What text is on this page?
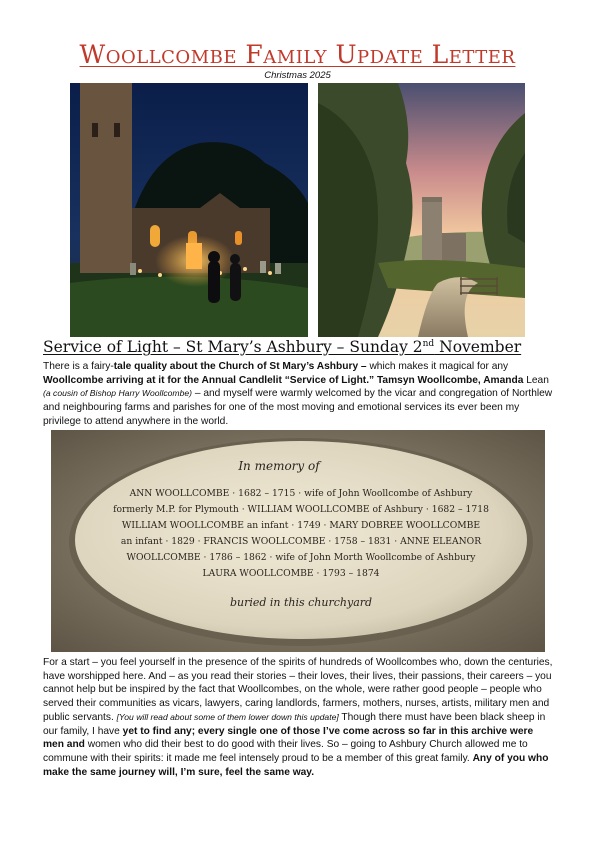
Woollcombe Family Update Letter
Christmas 2025
Service of Light – St Mary’s Ashbury – Sunday 2nd November
There is a fairy-tale quality about the Church of St Mary’s Ashbury – which makes it magical for any Woollcombe arriving at it for the Annual Candlelit “Service of Light.” Tamsyn Woollcombe, Amanda Lean (a cousin of Bishop Harry Woollcombe) – and myself were warmly welcomed by the vicar and congregation of Northlew and neighbouring farms and parishes for one of the most moving and emotional services its ever been my privilege to attend anywhere in the world.
In memory of
ANN WOOLLCOMBE · 1682 – 1715 · wife of John Woollcombe of Ashbury
formerly M.P. for Plymouth · WILLIAM WOOLLCOMBE of Ashbury · 1682 – 1718
WILLIAM WOOLLCOMBE an infant · 1749 · MARY DOBREE WOOLLCOMBE
an infant · 1829 · FRANCIS WOOLLCOMBE · 1758 – 1831 · ANNE ELEANOR
WOOLLCOMBE · 1786 – 1862 · wife of John Morth Woollcombe of Ashbury
LAURA WOOLLCOMBE · 1793 – 1874
buried in this churchyard
For a start – you feel yourself in the presence of the spirits of hundreds of Woollcombes who, down the centuries, have worshipped here. And – as you read their stories – their loves, their lives, their passions, their careers – you cannot help but be inspired by the fact that Woollcombes, on the whole, were rather good people – people who served their communities as vicars, lawyers, caring landlords, farmers, mothers, nurses, artists, military men and public servants. [You will read about some of them lower down this update] Though there must have been black sheep in our family, I have yet to find any; every single one of those I’ve come across so far in this archive were men and women who did their best to do good with their lives. So – going to Ashbury Church allowed me to commune with their spirits: it made me feel intensely proud to be a member of this great family. Any of you who make the same journey will, I’m sure, feel the same way.
